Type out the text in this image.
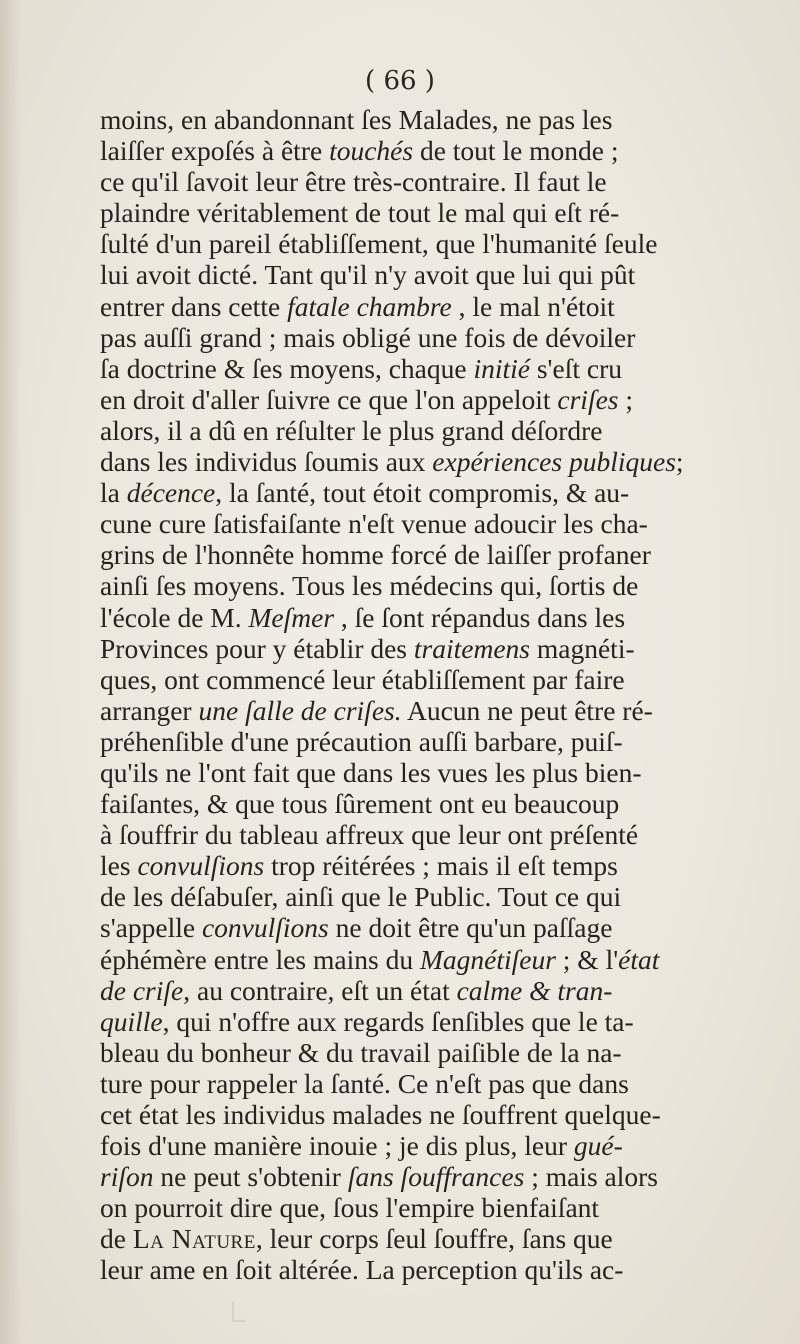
( 66 )

moins, en abandonnant ſes Malades, ne pas les
laiſſer expoſés à être touchés de tout le monde ;
ce qu'il ſavoit leur être très-contraire. Il faut le
plaindre véritablement de tout le mal qui eſt ré-
ſulté d'un pareil établiſſement, que l'humanité ſeule
lui avoit dicté. Tant qu'il n'y avoit que lui qui pût
entrer dans cette fatale chambre , le mal n'étoit
pas auſſi grand ; mais obligé une fois de dévoiler
ſa doctrine & ſes moyens, chaque initié s'eſt cru
en droit d'aller ſuivre ce que l'on appeloit criſes ;
alors, il a dû en réſulter le plus grand déſordre
dans les individus ſoumis aux expériences publiques;
la décence, la ſanté, tout étoit compromis, & au-
cune cure ſatisfaiſante n'eſt venue adoucir les cha-
grins de l'honnête homme forcé de laiſſer profaner
ainſi ſes moyens. Tous les médecins qui, ſortis de
l'école de M. Meſmer , ſe ſont répandus dans les
Provinces pour y établir des traitemens magnéti-
ques, ont commencé leur établiſſement par faire
arranger une ſalle de criſes. Aucun ne peut être ré-
préhenſible d'une précaution auſſi barbare, puiſ-
qu'ils ne l'ont fait que dans les vues les plus bien-
faiſantes, & que tous ſûrement ont eu beaucoup
à ſouffrir du tableau affreux que leur ont préſenté
les convulſions trop réitérées ; mais il eſt temps
de les déſabuſer, ainſi que le Public. Tout ce qui
s'appelle convulſions ne doit être qu'un paſſage
éphémère entre les mains du Magnétiſeur ; & l'état
de criſe, au contraire, eſt un état calme & tran-
quille, qui n'offre aux regards ſenſibles que le ta-
bleau du bonheur & du travail paiſible de la na-
ture pour rappeler la ſanté. Ce n'eſt pas que dans
cet état les individus malades ne ſouffrent quelque-
fois d'une manière inouie ; je dis plus, leur gué-
riſon ne peut s'obtenir ſans ſouffrances ; mais alors
on pourroit dire que, ſous l'empire bienfaiſant
de La Nature, leur corps ſeul ſouffre, ſans que
leur ame en ſoit altérée. La perception qu'ils ac-
